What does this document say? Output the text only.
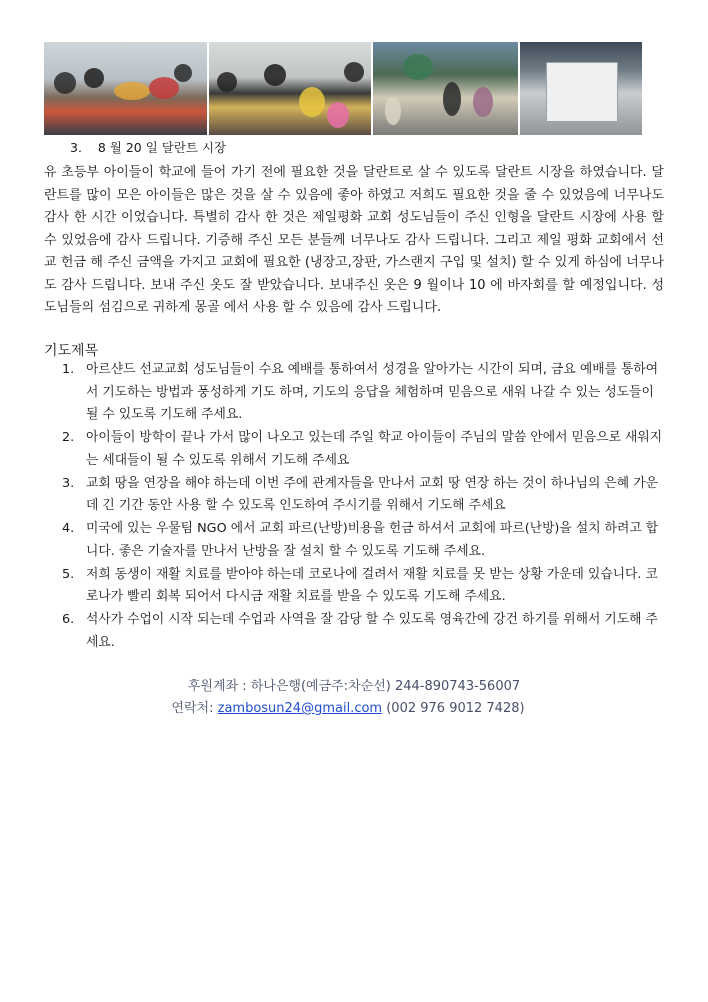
3. 8 월 20 일 달란트 시장

유 초등부 아이들이 학교에 들어 가기 전에 필요한 것을 달란트로 살 수 있도록 달란트 시장을 하였습니다. 달란트를 많이 모은 아이들은 많은 것을 살 수 있음에 좋아 하였고 저희도 필요한 것을 줄 수 있었음에 너무나도 감사 한 시간 이었습니다. 특별히 감사 한 것은 제일평화 교회 성도님들이 주신 인형을 달란트 시장에 사용 할 수 있었음에 감사 드립니다. 기증해 주신 모든 분들께 너무나도 감사 드립니다. 그리고 제일 평화 교회에서 선교 헌금 해 주신 금액을 가지고 교회에 필요한 (냉장고,장판, 가스랜지 구입 및 설치) 할 수 있게 하심에 너무나도 감사 드립니다. 보내 주신 옷도 잘 받았습니다. 보내주신 옷은 9 월이나 10 에 바자회를 할 예정입니다. 성도님들의 섬김으로 귀하게 몽골 에서 사용 할 수 있음에 감사 드립니다.

기도제목
1. 아르샨드 선교교회 성도님들이 수요 예배를 통하여서 성경을 알아가는 시간이 되며, 금요 예배를 통하여서 기도하는 방법과 풍성하게 기도 하며, 기도의 응답을 체험하며 믿음으로 새워 나갈 수 있는 성도들이 될 수 있도록 기도해 주세요.
2. 아이들이 방학이 끝나 가서 많이 나오고 있는데 주일 학교 아이들이 주님의 말씀 안에서 믿음으로 새워지는 세대들이 될 수 있도록 위해서 기도해 주세요
3. 교회 땅을 연장을 해야 하는데 이번 주에 관계자들을 만나서 교회 땅 연장 하는 것이 하나님의 은혜 가운데 긴 기간 동안 사용 할 수 있도록 인도하여 주시기를 위해서 기도해 주세요
4. 미국에 있는 우물팀 NGO 에서 교회 파르(난방)비용을 헌금 하셔서 교회에 파르(난방)을 설치 하려고 합니다. 좋은 기술자를 만나서 난방을 잘 설치 할 수 있도록 기도해 주세요.
5. 저희 동생이 재활 치료를 받아야 하는데 코로나에 걸려서 재활 치료를 못 받는 상황 가운데 있습니다. 코로나가 빨리 회복 되어서 다시금 재활 치료를 받을 수 있도록 기도해 주세요.
6. 석사가 수업이 시작 되는데 수업과 사역을 잘 감당 할 수 있도록 영육간에 강건 하기를 위해서 기도해 주세요.
후원계좌 : 하나은행(예금주:차순선) 244-890743-56007
연락처: zambosun24@gmail.com (002 976 9012 7428)
